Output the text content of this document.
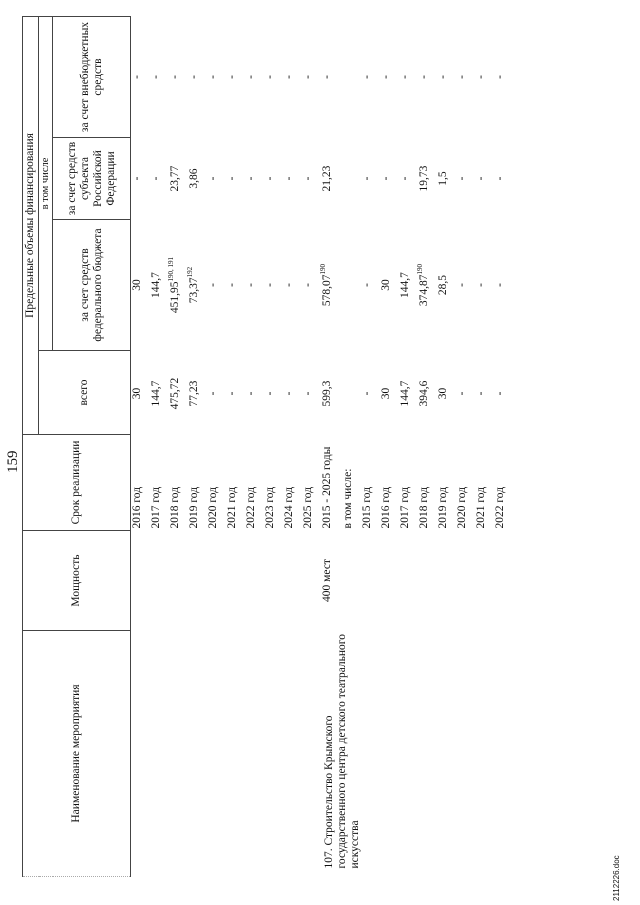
159
Наименование мероприятия	Мощность	Срок реализации	Предельные объемы финансирования			
			всего	в том числе		
				за счет средств федерального бюджета	за счет средств субъекта Российской Федерации	за счет внебюджетных средств
		2016 год	30	30	-	-
		2017 год	144,7	144,7	-	-
		2018 год	475,72	451,95$^{190, 191}$	23,77	-
		2019 год	77,23	73,37$^{192}$	3,86	-
		2020 год	-	-	-	-
		2021 год	-	-	-	-
		2022 год	-	-	-	-
		2023 год	-	-	-	-
		2024 год	-	-	-	-
		2025 год	-	-	-	-

107. Строительство Крымского государственного центра детского театрального искусства	400 мест	2015 - 2025 годы	599,3	578,07$^{190}$	21,23	-
		в том числе:				
		2015 год	-	-	-	-
		2016 год	30	30	-	-
		2017 год	144,7	144,7	-	-
		2018 год	394,6	374,87$^{190}$	19,73	-
		2019 год	30	28,5	1,5	-
		2020 год	-	-	-	-
		2021 год	-	-	-	-
		2022 год	-	-	-	-
2112226.doc
